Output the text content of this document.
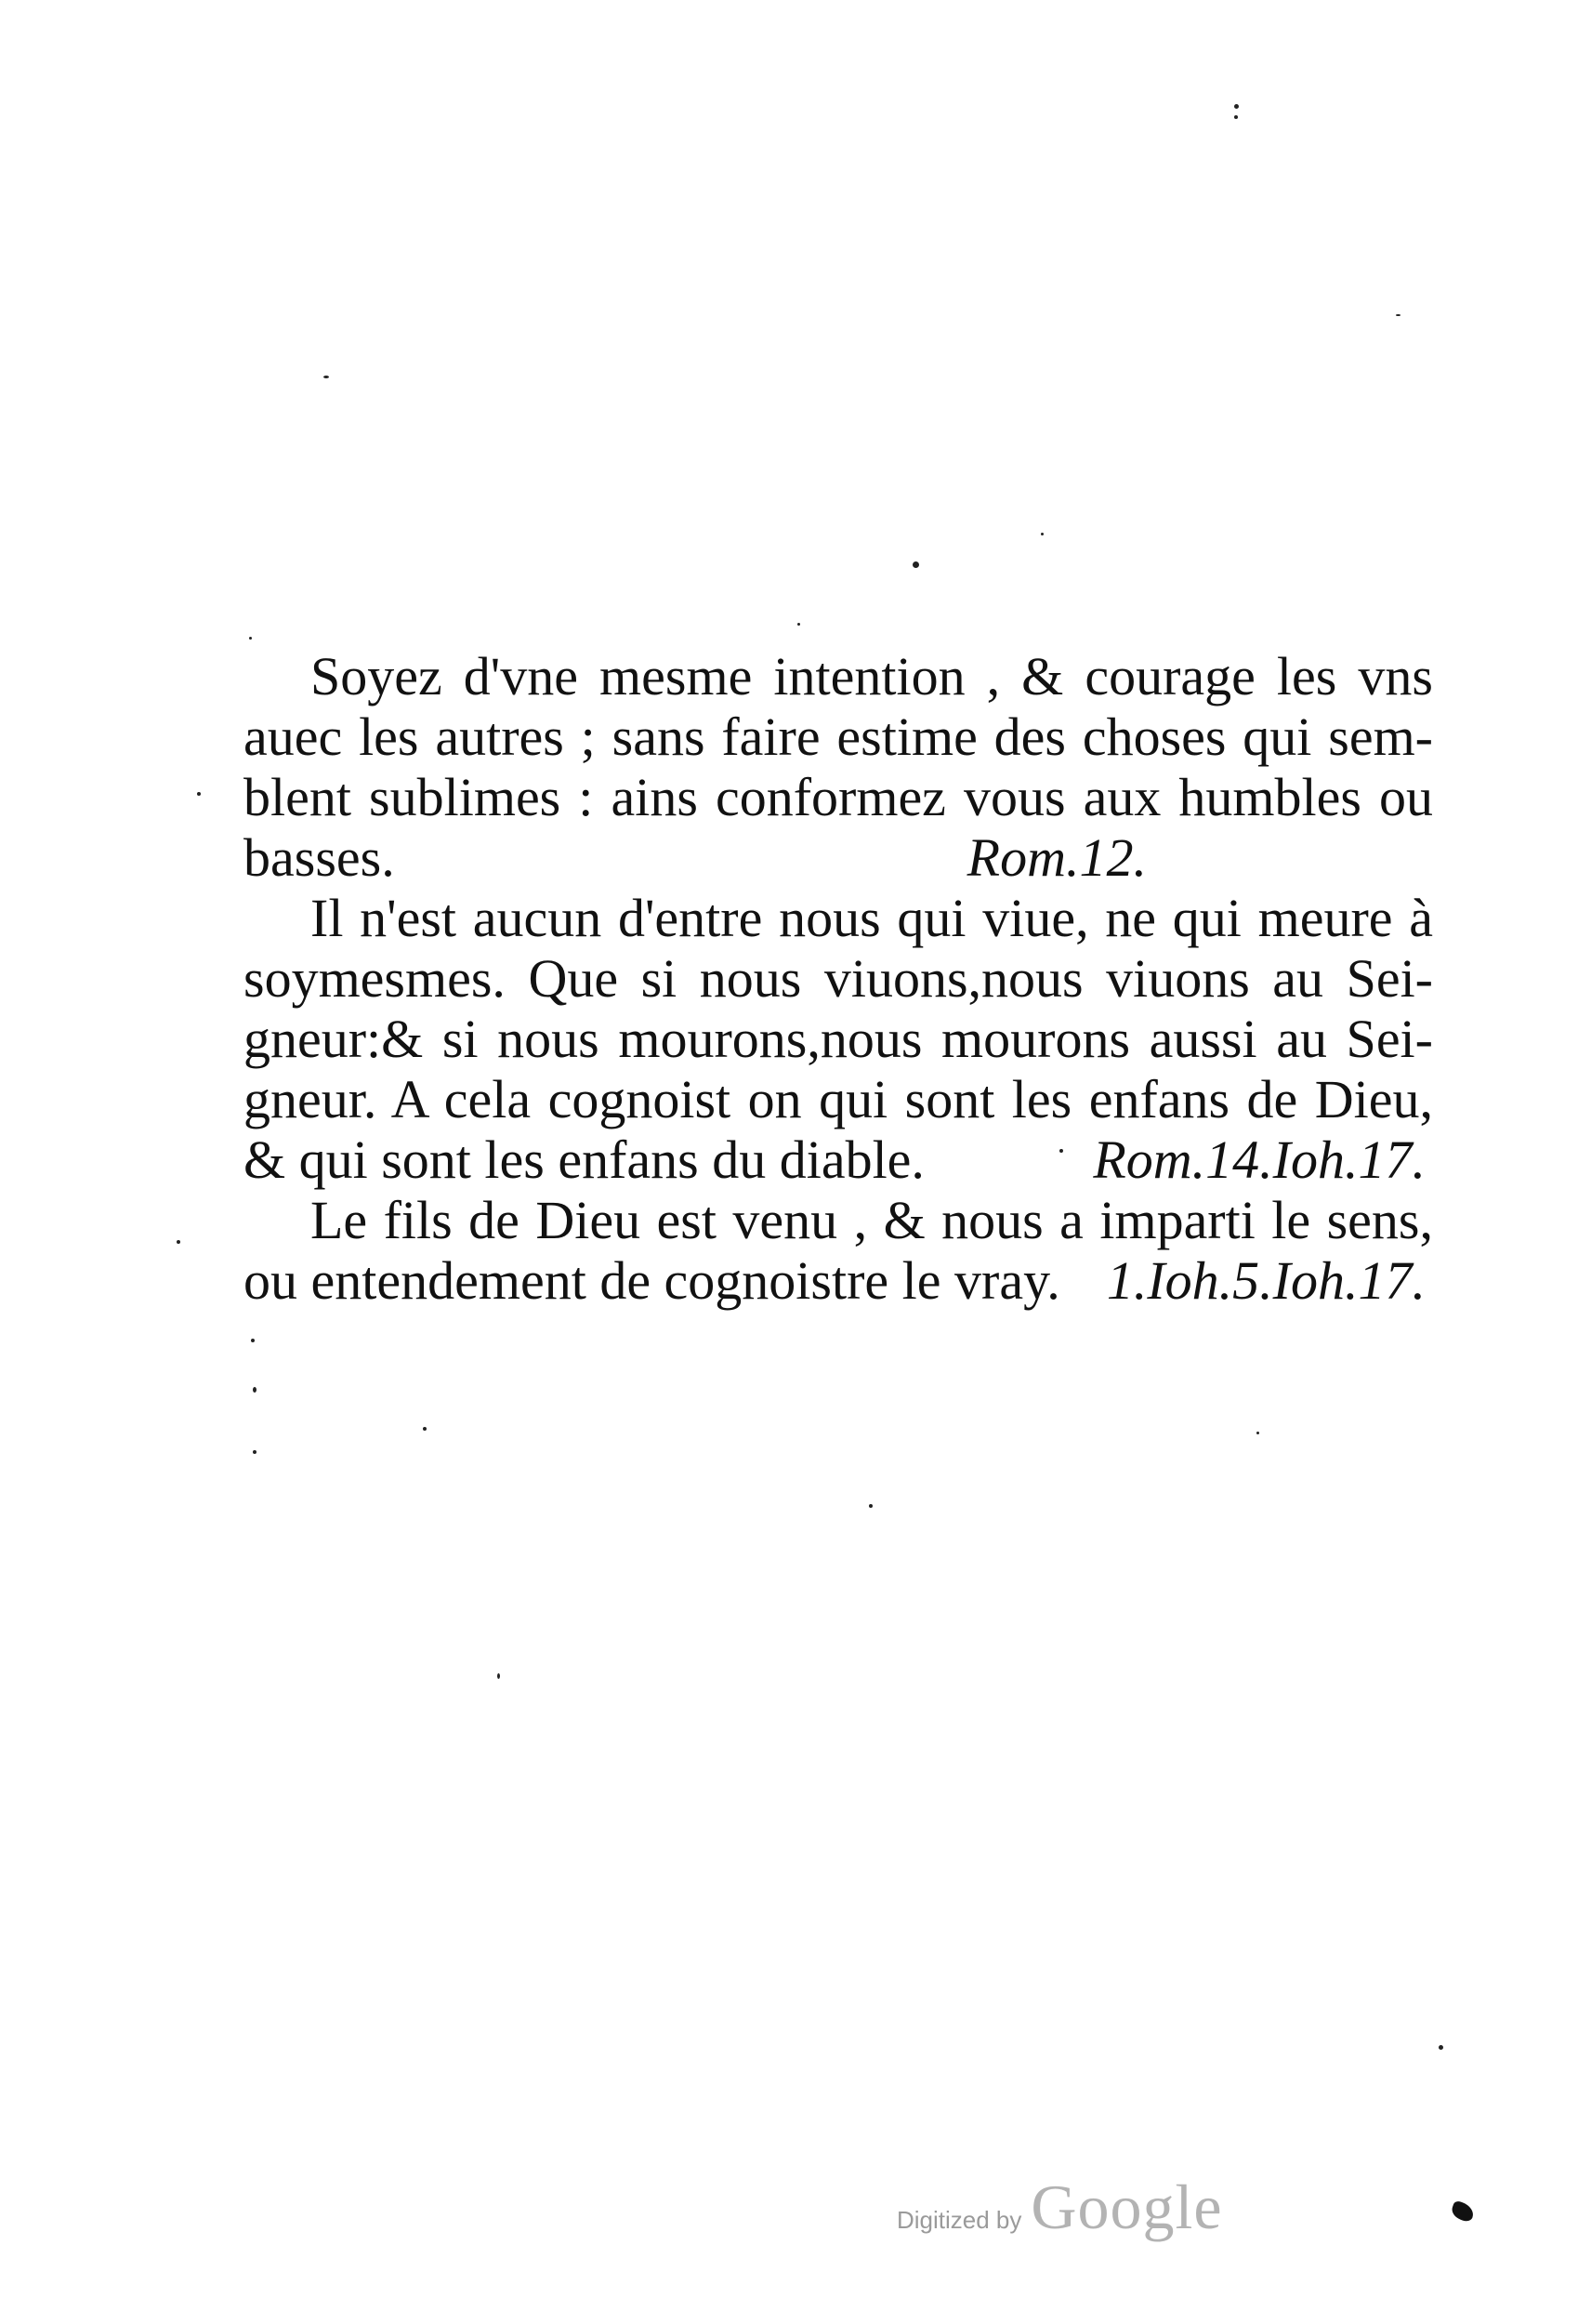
Soyez d'vne mesme intention , & courage les vns
auec les autres ; sans faire estime des choses qui sem-
blent sublimes : ains conformez vous aux humbles ou
basses.	Rom.12.
Il n'est aucun d'entre nous qui viue, ne qui meure à
soymesmes. Que si nous viuons,nous viuons au Sei-
gneur:& si nous mourons,nous mourons aussi au Sei-
gneur. A cela cognoist on qui sont les enfans de Dieu,
& qui sont les enfans du diable.	Rom.14.Ioh.17.
Le fils de Dieu est venu , & nous a imparti le sens,
ou entendement de cognoistre le vray. 1.Ioh.5.Ioh.17.
Digitized by Google
